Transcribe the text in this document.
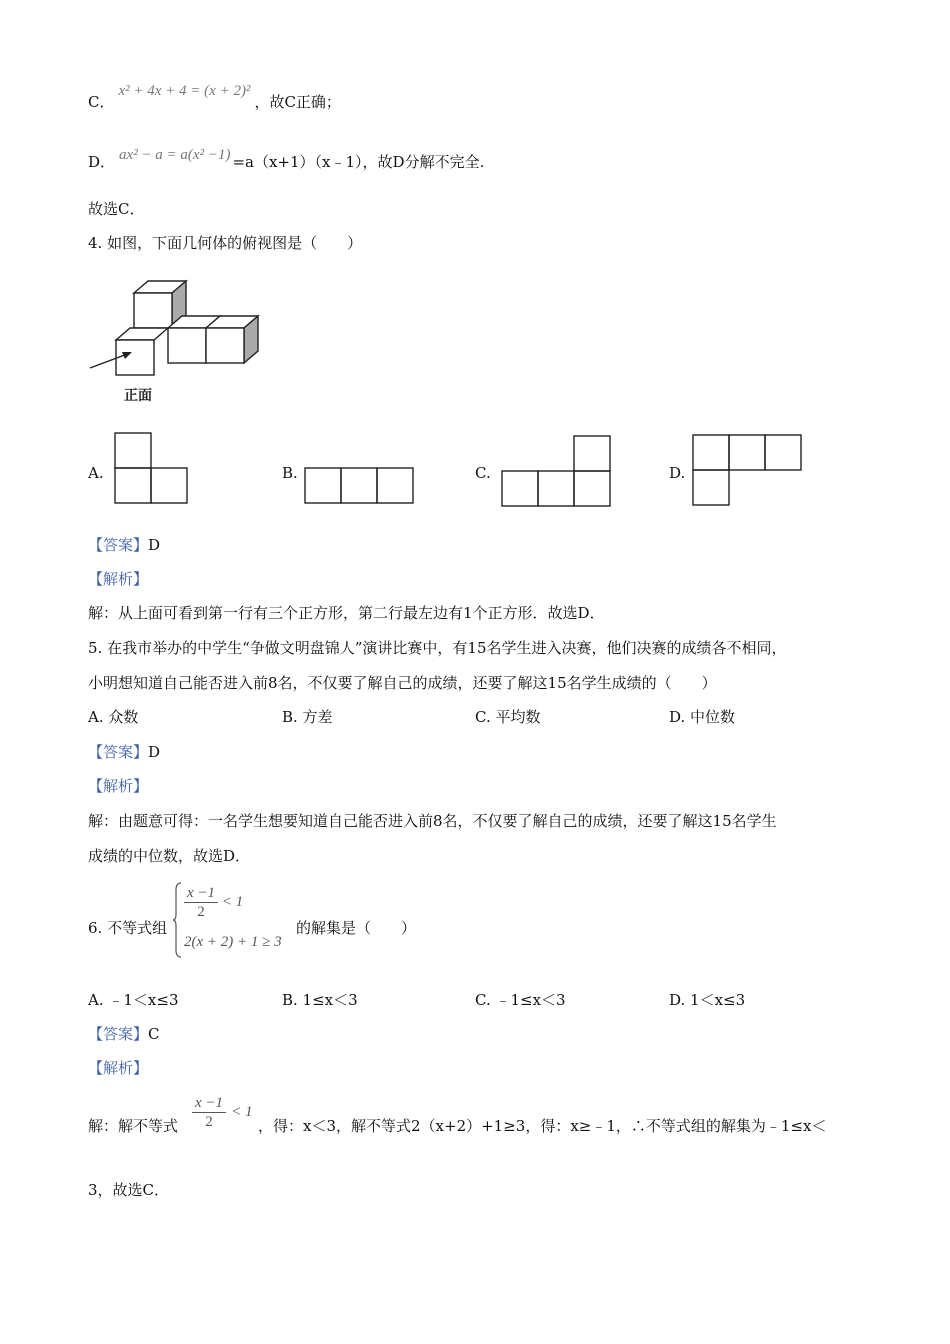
C．x² + 4x + 4 = (x + 2)²，故C正确；
D． ax² − a = a(x² −1) =a（x+1）（x﹣1），故D分解不完全.
故选C．
4. 如图，下面几何体的俯视图是（　　）
正面
A.	B.	C.	D.
【答案】D
【解析】
解：从上面可看到第一行有三个正方形，第二行最左边有1个正方形．故选D．
5. 在我市举办的中学生“争做文明盘锦人”演讲比赛中，有15名学生进入决赛，他们决赛的成绩各不相同，
小明想知道自己能否进入前8名，不仅要了解自己的成绩，还要了解这15名学生成绩的（　　）
A. 众数	B. 方差	C. 平均数	D. 中位数
【答案】D
【解析】
解：由题意可得：一名学生想要知道自己能否进入前8名，不仅要了解自己的成绩，还要了解这15名学生
成绩的中位数，故选D．
6. 不等式组
$\frac{x -1}{2} < 1$
2(x + 2) + 1 ≥ 3
的解集是（　　）
A. ﹣1＜x≤3	B. 1≤x＜3	C. ﹣1≤x＜3	D. 1＜x≤3
【答案】C
【解析】
解：解不等式 $\frac{x -1}{2} < 1$
，得：x＜3，解不等式2（x+2）+1≥3，得：x≥﹣1，∴不等式组的解集为﹣1≤x＜
3，故选C．
